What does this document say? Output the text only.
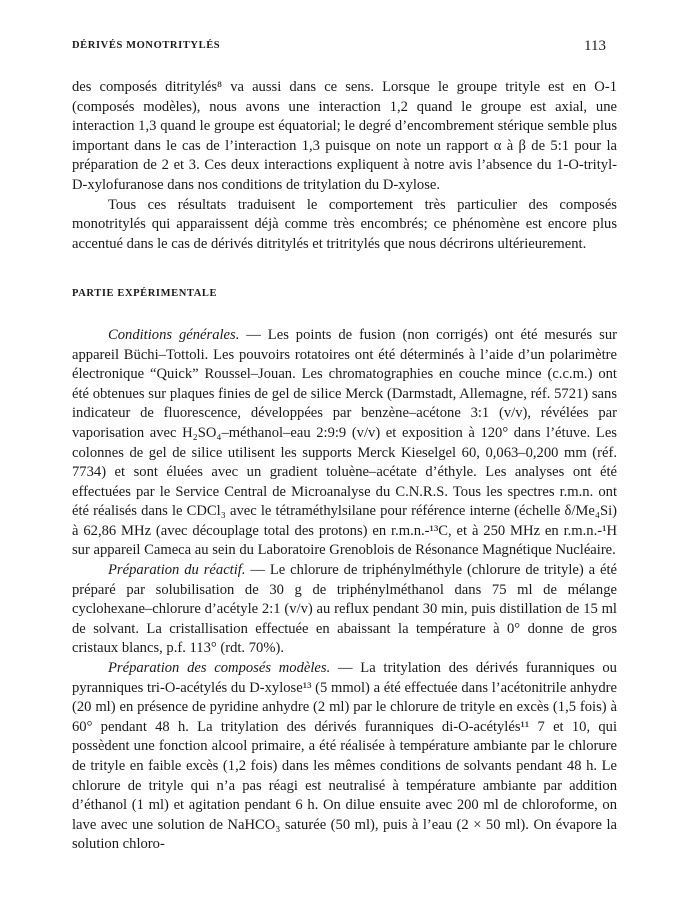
DÉRIVÉS MONOTRITYLÉS	113

des composés ditritylés⁸ va aussi dans ce sens. Lorsque le groupe trityle est en O-1 (composés modèles), nous avons une interaction 1,2 quand le groupe est axial, une interaction 1,3 quand le groupe est équatorial; le degré d’encombrement stérique semble plus important dans le cas de l’interaction 1,3 puisque on note un rapport α à β de 5:1 pour la préparation de 2 et 3. Ces deux interactions expliquent à notre avis l’absence du 1-O-trityl-D-xylofuranose dans nos conditions de tritylation du D-xylose.

Tous ces résultats traduisent le comportement très particulier des composés monotritylés qui apparaissent déjà comme très encombrés; ce phénomène est encore plus accentué dans le cas de dérivés ditritylés et tritritylés que nous décrirons ultérieurement.

PARTIE EXPÉRIMENTALE

Conditions générales. — Les points de fusion (non corrigés) ont été mesurés sur appareil Büchi–Tottoli. Les pouvoirs rotatoires ont été déterminés à l’aide d’un polarimètre électronique “Quick” Roussel–Jouan. Les chromatographies en couche mince (c.c.m.) ont été obtenues sur plaques finies de gel de silice Merck (Darmstadt, Allemagne, réf. 5721) sans indicateur de fluorescence, développées par benzène–acétone 3:1 (v/v), révélées par vaporisation avec H₂SO₄–méthanol–eau 2:9:9 (v/v) et exposition à 120° dans l’étuve. Les colonnes de gel de silice utilisent les supports Merck Kieselgel 60, 0,063–0,200 mm (réf. 7734) et sont éluées avec un gradient toluène–acétate d’éthyle. Les analyses ont été effectuées par le Service Central de Microanalyse du C.N.R.S. Tous les spectres r.m.n. ont été réalisés dans le CDCl₃ avec le tétraméthylsilane pour référence interne (échelle δ/Me₄Si) à 62,86 MHz (avec découplage total des protons) en r.m.n.-¹³C, et à 250 MHz en r.m.n.-¹H sur appareil Cameca au sein du Laboratoire Grenoblois de Résonance Magnétique Nucléaire.

Préparation du réactif. — Le chlorure de triphénylméthyle (chlorure de trityle) a été préparé par solubilisation de 30 g de triphénylméthanol dans 75 ml de mélange cyclohexane–chlorure d’acétyle 2:1 (v/v) au reflux pendant 30 min, puis distillation de 15 ml de solvant. La cristallisation effectuée en abaissant la température à 0° donne de gros cristaux blancs, p.f. 113° (rdt. 70%).

Préparation des composés modèles. — La tritylation des dérivés furanniques ou pyranniques tri-O-acétylés du D-xylose¹³ (5 mmol) a été effectuée dans l’acétonitrile anhydre (20 ml) en présence de pyridine anhydre (2 ml) par le chlorure de trityle en excès (1,5 fois) à 60° pendant 48 h. La tritylation des dérivés furanniques di-O-acétylés¹¹ 7 et 10, qui possèdent une fonction alcool primaire, a été réalisée à température ambiante par le chlorure de trityle en faible excès (1,2 fois) dans les mêmes conditions de solvants pendant 48 h. Le chlorure de trityle qui n’a pas réagi est neutralisé à température ambiante par addition d’éthanol (1 ml) et agitation pendant 6 h. On dilue ensuite avec 200 ml de chloroforme, on lave avec une solution de NaHCO₃ saturée (50 ml), puis à l’eau (2 × 50 ml). On évapore la solution chloro-
